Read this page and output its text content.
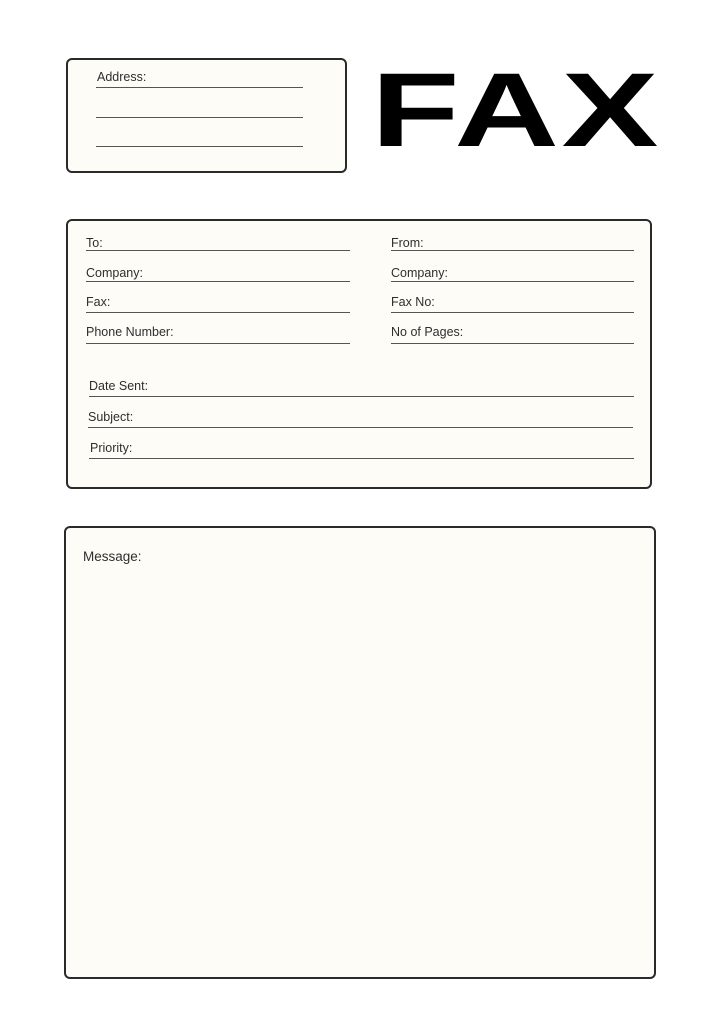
Address: FAX
To:
Company:
Fax:
Phone Number:
From:
Company:
Fax No:
No of Pages:
Date Sent:
Subject:
Priority:
Message:
